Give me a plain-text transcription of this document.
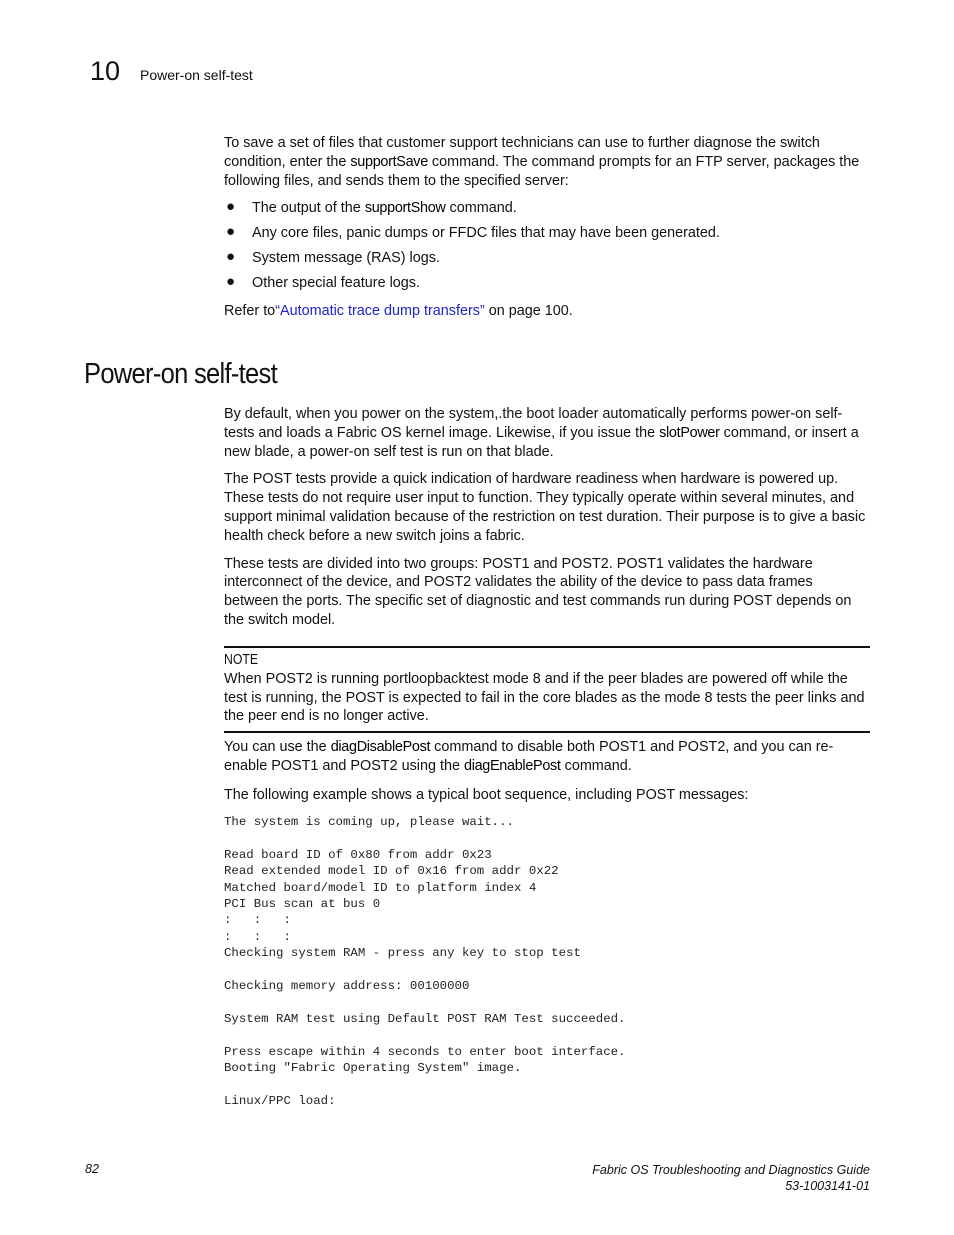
10 Power-on self-test

To save a set of files that customer support technicians can use to further diagnose the switch condition, enter the supportSave command. The command prompts for an FTP server, packages the following files, and sends them to the specified server:

● The output of the supportShow command.
● Any core files, panic dumps or FFDC files that may have been generated.
● System message (RAS) logs.
● Other special feature logs.

Refer to“Automatic trace dump transfers” on page 100.

Power-on self-test

By default, when you power on the system,.the boot loader automatically performs power-on self-tests and loads a Fabric OS kernel image. Likewise, if you issue the slotPower command, or insert a new blade, a power-on self test is run on that blade.

The POST tests provide a quick indication of hardware readiness when hardware is powered up. These tests do not require user input to function. They typically operate within several minutes, and support minimal validation because of the restriction on test duration. Their purpose is to give a basic health check before a new switch joins a fabric.

These tests are divided into two groups: POST1 and POST2. POST1 validates the hardware interconnect of the device, and POST2 validates the ability of the device to pass data frames between the ports. The specific set of diagnostic and test commands run during POST depends on the switch model.

NOTE
When POST2 is running portloopbacktest mode 8 and if the peer blades are powered off while the test is running, the POST is expected to fail in the core blades as the mode 8 tests the peer links and the peer end is no longer active.

You can use the diagDisablePost command to disable both POST1 and POST2, and you can re-enable POST1 and POST2 using the diagEnablePost command.

The following example shows a typical boot sequence, including POST messages:

The system is coming up, please wait...

Read board ID of 0x80 from addr 0x23
Read extended model ID of 0x16 from addr 0x22
Matched board/model ID to platform index 4
PCI Bus scan at bus 0
:   :   :
:   :   :
Checking system RAM - press any key to stop test

Checking memory address: 00100000

System RAM test using Default POST RAM Test succeeded.

Press escape within 4 seconds to enter boot interface.
Booting "Fabric Operating System" image.

Linux/PPC load:
82	Fabric OS Troubleshooting and Diagnostics Guide
53-1003141-01
